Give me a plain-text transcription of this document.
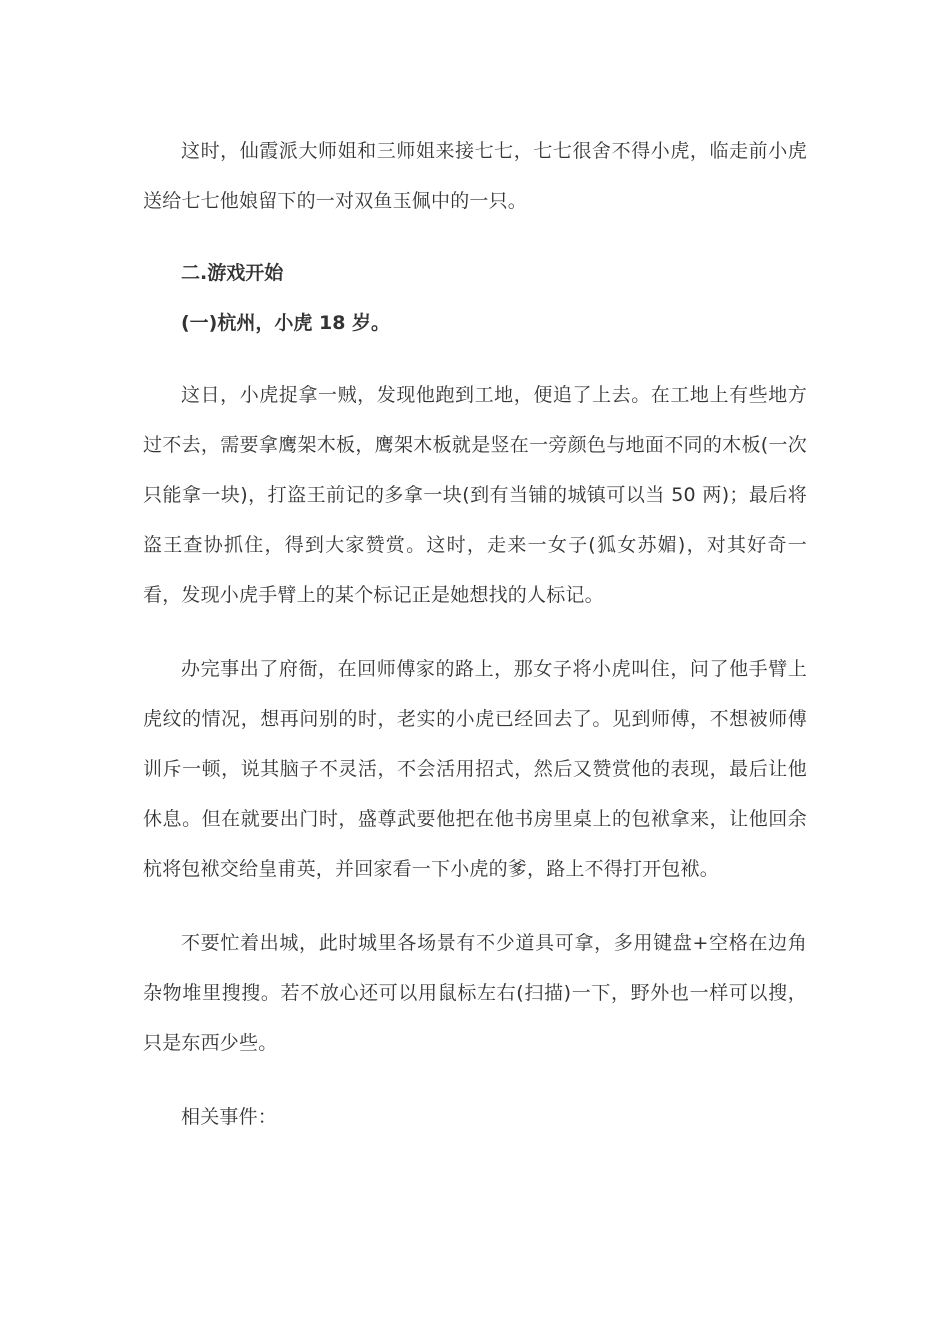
这时，仙霞派大师姐和三师姐来接七七，七七很舍不得小虎，临走前小虎送给七七他娘留下的一对双鱼玉佩中的一只。

二.游戏开始

(一)杭州，小虎 18 岁。

这日，小虎捉拿一贼，发现他跑到工地，便追了上去。在工地上有些地方过不去，需要拿鹰架木板，鹰架木板就是竖在一旁颜色与地面不同的木板(一次只能拿一块)，打盗王前记的多拿一块(到有当铺的城镇可以当 50 两)；最后将盗王查协抓住，得到大家赞赏。这时，走来一女子(狐女苏媚)，对其好奇一看，发现小虎手臂上的某个标记正是她想找的人标记。

办完事出了府衙，在回师傅家的路上，那女子将小虎叫住，问了他手臂上虎纹的情况，想再问别的时，老实的小虎已经回去了。见到师傅，不想被师傅训斥一顿，说其脑子不灵活，不会活用招式，然后又赞赏他的表现，最后让他休息。但在就要出门时，盛尊武要他把在他书房里桌上的包袱拿来，让他回余杭将包袱交给皇甫英，并回家看一下小虎的爹，路上不得打开包袱。

不要忙着出城，此时城里各场景有不少道具可拿，多用键盘+空格在边角杂物堆里搜搜。若不放心还可以用鼠标左右(扫描)一下，野外也一样可以搜，只是东西少些。

相关事件：
